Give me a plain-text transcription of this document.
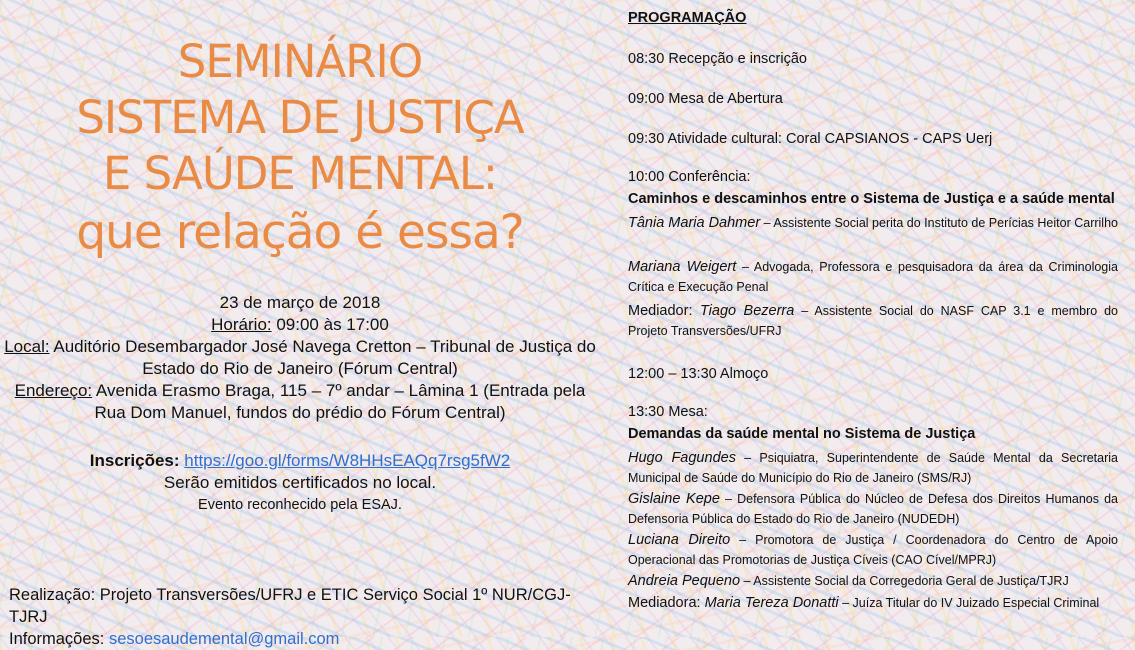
SEMINÁRIO
SISTEMA DE JUSTIÇA
E SAÚDE MENTAL:
que relação é essa?
23 de março de 2018
Horário: 09:00 às 17:00
Local: Auditório Desembargador José Navega Cretton – Tribunal de Justiça do Estado do Rio de Janeiro (Fórum Central)
Endereço: Avenida Erasmo Braga, 115 – 7º andar – Lâmina 1 (Entrada pela Rua Dom Manuel, fundos do prédio do Fórum Central)
Inscrições: https://goo.gl/forms/W8HHsEAQq7rsg5fW2
Serão emitidos certificados no local.
Evento reconhecido pela ESAJ.
Realização: Projeto Transversões/UFRJ e ETIC Serviço Social 1º NUR/CGJ-TJRJ
Informações: sesoesaudemental@gmail.com
PROGRAMAÇÃO
08:30 Recepção e inscrição
09:00 Mesa de Abertura
09:30 Atividade cultural: Coral CAPSIANOS - CAPS Uerj
10:00 Conferência:
Caminhos e descaminhos entre o Sistema de Justiça e a saúde mental
Tânia Maria Dahmer – Assistente Social perita do Instituto de Perícias Heitor Carrilho
Mariana Weigert – Advogada, Professora e pesquisadora da área da Criminologia Crítica e Execução Penal
Mediador: Tiago Bezerra – Assistente Social do NASF CAP 3.1 e membro do Projeto Transversões/UFRJ
12:00 – 13:30 Almoço
13:30 Mesa:
Demandas da saúde mental no Sistema de Justiça
Hugo Fagundes – Psiquiatra, Superintendente de Saúde Mental da Secretaria Municipal de Saúde do Município do Rio de Janeiro (SMS/RJ)
Gislaine Kepe – Defensora Pública do Núcleo de Defesa dos Direitos Humanos da Defensoria Pública do Estado do Rio de Janeiro (NUDEDH)
Luciana Direito – Promotora de Justiça / Coordenadora do Centro de Apoio Operacional das Promotorias de Justiça Cíveis (CAO Cível/MPRJ)
Andreia Pequeno – Assistente Social da Corregedoria Geral de Justiça/TJRJ
Mediadora: Maria Tereza Donatti – Juíza Titular do IV Juizado Especial Criminal
